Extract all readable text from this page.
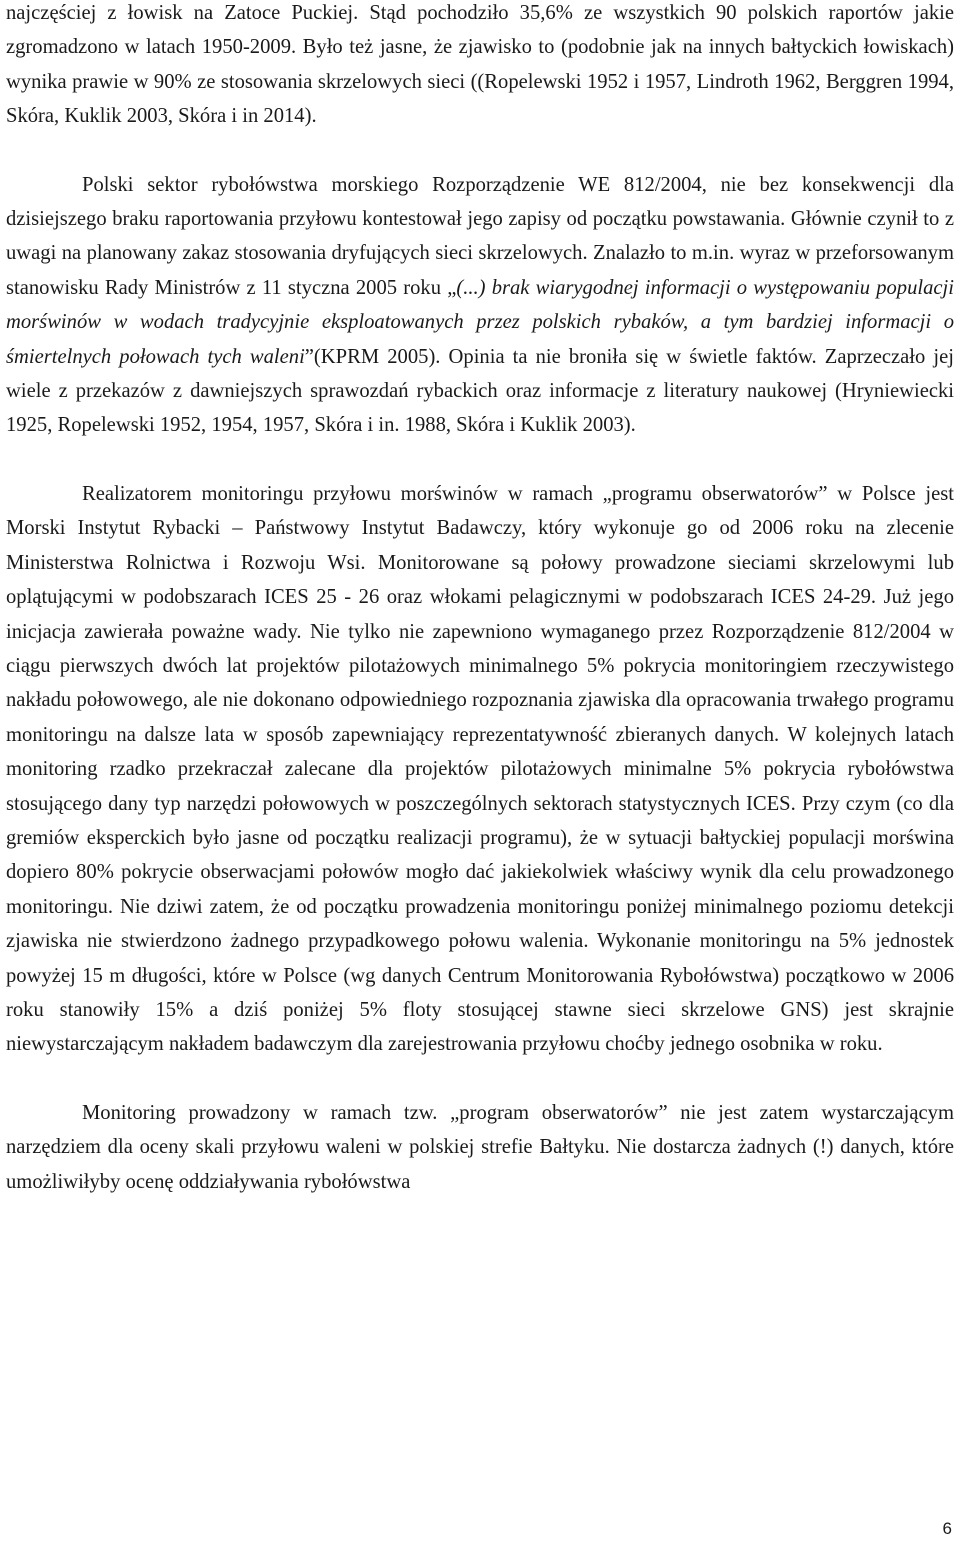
najczęściej z łowisk na Zatoce Puckiej. Stąd pochodziło 35,6% ze wszystkich 90 polskich raportów jakie zgromadzono w latach 1950-2009. Było też jasne, że zjawisko to (podobnie jak na innych bałtyckich łowiskach) wynika prawie w 90% ze stosowania skrzelowych sieci ((Ropelewski 1952 i 1957, Lindroth 1962, Berggren 1994, Skóra, Kuklik 2003, Skóra i in 2014).

Polski sektor rybołówstwa morskiego Rozporządzenie WE 812/2004, nie bez konsekwencji dla dzisiejszego braku raportowania przyłowu kontestował jego zapisy od początku powstawania. Głównie czynił to z uwagi na planowany zakaz stosowania dryfujących sieci skrzelowych. Znalazło to m.in. wyraz w przeforsowanym stanowisku Rady Ministrów z 11 styczna 2005 roku „(...) brak wiarygodnej informacji o występowaniu populacji morświnów w wodach tradycyjnie eksploatowanych przez polskich rybaków, a tym bardziej informacji o śmiertelnych połowach tych waleni”(KPRM 2005). Opinia ta nie broniła się w świetle faktów. Zaprzeczało jej wiele z przekazów z dawniejszych sprawozdań rybackich oraz informacje z literatury naukowej (Hryniewiecki 1925, Ropelewski 1952, 1954, 1957, Skóra i in. 1988, Skóra i Kuklik 2003).

Realizatorem monitoringu przyłowu morświnów w ramach „programu obserwatorów” w Polsce jest Morski Instytut Rybacki – Państwowy Instytut Badawczy, który wykonuje go od 2006 roku na zlecenie Ministerstwa Rolnictwa i Rozwoju Wsi. Monitorowane są połowy prowadzone sieciami skrzelowymi lub oplątującymi w podobszarach ICES 25 - 26 oraz włokami pelagicznymi w podobszarach ICES 24-29. Już jego inicjacja zawierała poważne wady. Nie tylko nie zapewniono wymaganego przez Rozporządzenie 812/2004 w ciągu pierwszych dwóch lat projektów pilotażowych minimalnego 5% pokrycia monitoringiem rzeczywistego nakładu połowowego, ale nie dokonano odpowiedniego rozpoznania zjawiska dla opracowania trwałego programu monitoringu na dalsze lata w sposób zapewniający reprezentatywność zbieranych danych. W kolejnych latach monitoring rzadko przekraczał zalecane dla projektów pilotażowych minimalne 5% pokrycia rybołówstwa stosującego dany typ narzędzi połowowych w poszczególnych sektorach statystycznych ICES. Przy czym (co dla gremiów eksperckich było jasne od początku realizacji programu), że w sytuacji bałtyckiej populacji morświna dopiero 80% pokrycie obserwacjami połowów mogło dać jakiekolwiek właściwy wynik dla celu prowadzonego monitoringu. Nie dziwi zatem, że od początku prowadzenia monitoringu poniżej minimalnego poziomu detekcji zjawiska nie stwierdzono żadnego przypadkowego połowu walenia. Wykonanie monitoringu na 5% jednostek powyżej 15 m długości, które w Polsce (wg danych Centrum Monitorowania Rybołówstwa) początkowo w 2006 roku stanowiły 15% a dziś poniżej 5% floty stosującej stawne sieci skrzelowe GNS) jest skrajnie niewystarczającym nakładem badawczym dla zarejestrowania przyłowu choćby jednego osobnika w roku.

Monitoring prowadzony w ramach tzw. „program obserwatorów” nie jest zatem wystarczającym narzędziem dla oceny skali przyłowu waleni w polskiej strefie Bałtyku. Nie dostarcza żadnych (!) danych, które umożliwiłyby ocenę oddziaływania rybołówstwa

6
